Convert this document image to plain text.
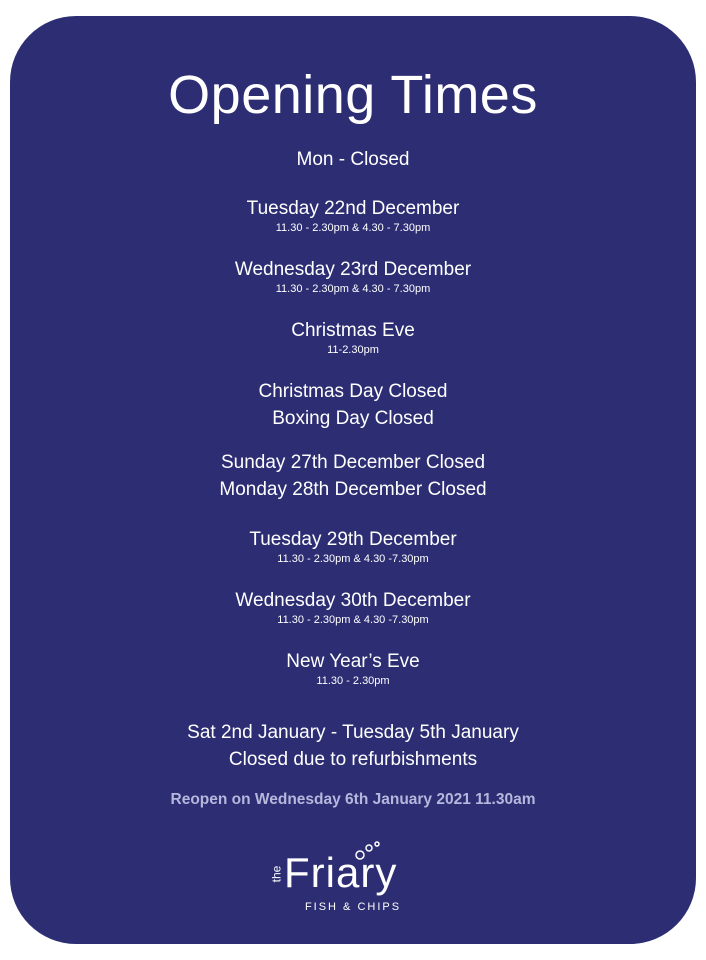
Opening Times
Mon - Closed
Tuesday 22nd December
11.30 - 2.30pm & 4.30 - 7.30pm
Wednesday 23rd December
11.30 - 2.30pm & 4.30 - 7.30pm
Christmas Eve
11-2.30pm
Christmas Day Closed
Boxing Day Closed
Sunday 27th December Closed
Monday 28th December Closed
Tuesday 29th December
11.30 - 2.30pm & 4.30 -7.30pm
Wednesday 30th December
11.30 - 2.30pm & 4.30 -7.30pm
New Year’s Eve
11.30 - 2.30pm
Sat 2nd January - Tuesday 5th January
Closed due to refurbishments
Reopen on Wednesday 6th January 2021 11.30am
the Friary
FISH & CHIPS
